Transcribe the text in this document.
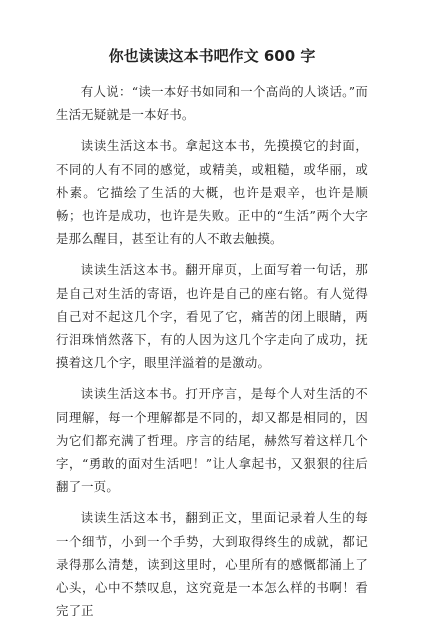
你也读读这本书吧作文 600 字

有人说：“读一本好书如同和一个高尚的人谈话。”而生活无疑就是一本好书。

读读生活这本书。拿起这本书，先摸摸它的封面，不同的人有不同的感觉，或精美，或粗糙，或华丽，或朴素。它描绘了生活的大概，也许是艰辛，也许是顺畅；也许是成功，也许是失败。正中的“生活”两个大字是那么醒目，甚至让有的人不敢去触摸。

读读生活这本书。翻开扉页，上面写着一句话，那是自己对生活的寄语，也许是自己的座右铭。有人觉得自己对不起这几个字，看见了它，痛苦的闭上眼睛，两行泪珠悄然落下，有的人因为这几个字走向了成功，抚摸着这几个字，眼里洋溢着的是激动。

读读生活这本书。打开序言，是每个人对生活的不同理解，每一个理解都是不同的，却又都是相同的，因为它们都充满了哲理。序言的结尾，赫然写着这样几个字，“勇敢的面对生活吧！”让人拿起书，又狠狠的往后翻了一页。

读读生活这本书，翻到正文，里面记录着人生的每一个细节，小到一个手势，大到取得终生的成就，都记录得那么清楚，读到这里时，心里所有的感慨都涌上了心头，心中不禁叹息，这究竟是一本怎么样的书啊！看完了正
